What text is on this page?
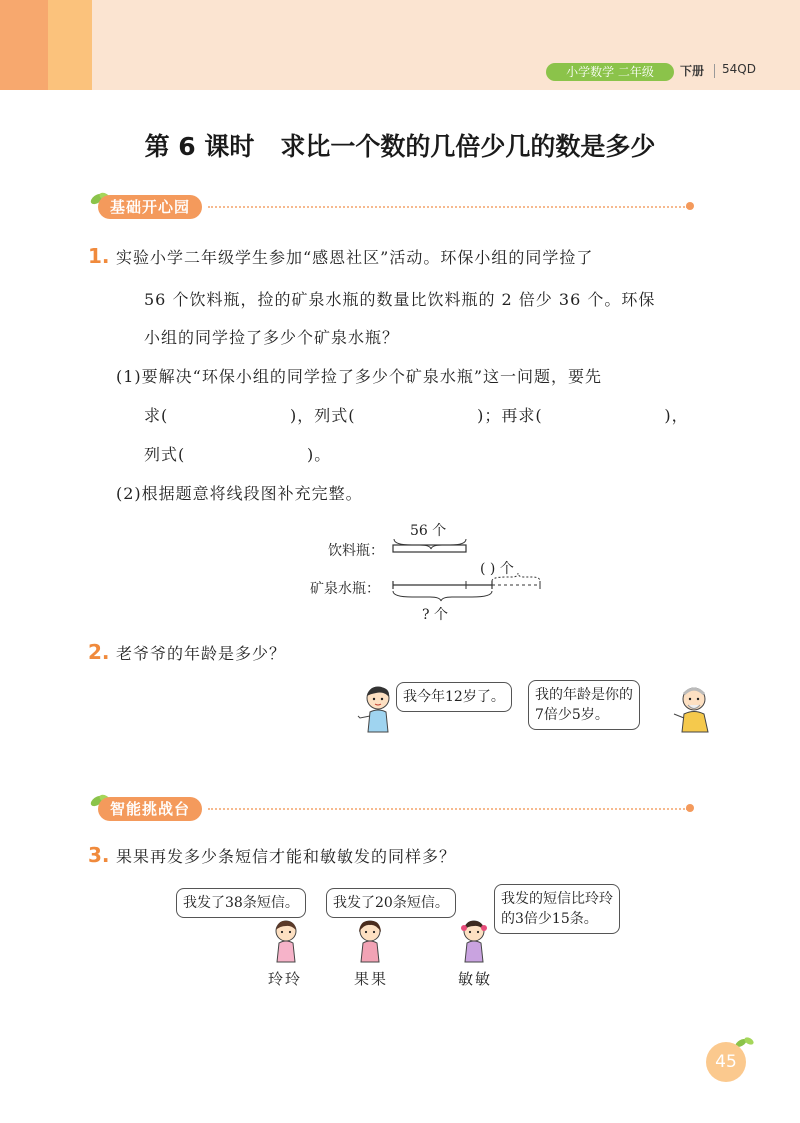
小学数学 二年级	下册 54QD
第 6 课时 求比一个数的几倍少几的数是多少
基础开心园
1. 实验小学二年级学生参加“感恩社区”活动。环保小组的同学捡了
56 个饮料瓶，捡的矿泉水瓶的数量比饮料瓶的 2 倍少 36 个。环保
小组的同学捡了多少个矿泉水瓶？
(1)要解决“环保小组的同学捡了多少个矿泉水瓶”这一问题，要先
求(                    )，列式(                    )；再求(                    )，
列式(                    )。
(2)根据题意将线段图补充完整。
56 个
饮料瓶：
( ) 个
矿泉水瓶：
? 个
2. 老爷爷的年龄是多少？
我今年12岁了。	我的年龄是你的
7倍少5岁。
智能挑战台
3. 果果再发多少条短信才能和敏敏发的同样多？
我发了38条短信。	我发了20条短信。	我发的短信比玲玲
的3倍少15条。
玲玲	果果	敏敏
45
